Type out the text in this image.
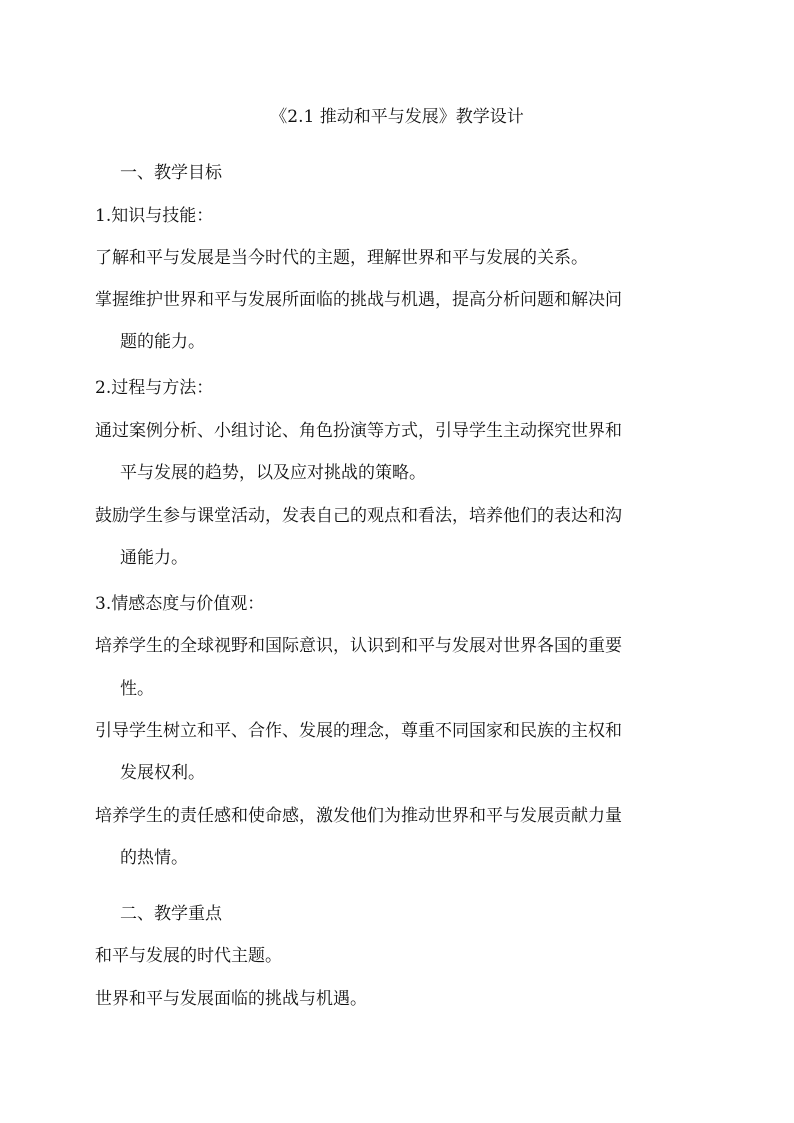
《2.1 推动和平与发展》教学设计
一、教学目标
1.知识与技能：
了解和平与发展是当今时代的主题，理解世界和平与发展的关系。
掌握维护世界和平与发展所面临的挑战与机遇，提高分析问题和解决问
题的能力。
2.过程与方法：
通过案例分析、小组讨论、角色扮演等方式，引导学生主动探究世界和
平与发展的趋势，以及应对挑战的策略。
鼓励学生参与课堂活动，发表自己的观点和看法，培养他们的表达和沟
通能力。
3.情感态度与价值观：
培养学生的全球视野和国际意识，认识到和平与发展对世界各国的重要
性。
引导学生树立和平、合作、发展的理念，尊重不同国家和民族的主权和
发展权利。
培养学生的责任感和使命感，激发他们为推动世界和平与发展贡献力量
的热情。
二、教学重点
和平与发展的时代主题。
世界和平与发展面临的挑战与机遇。
